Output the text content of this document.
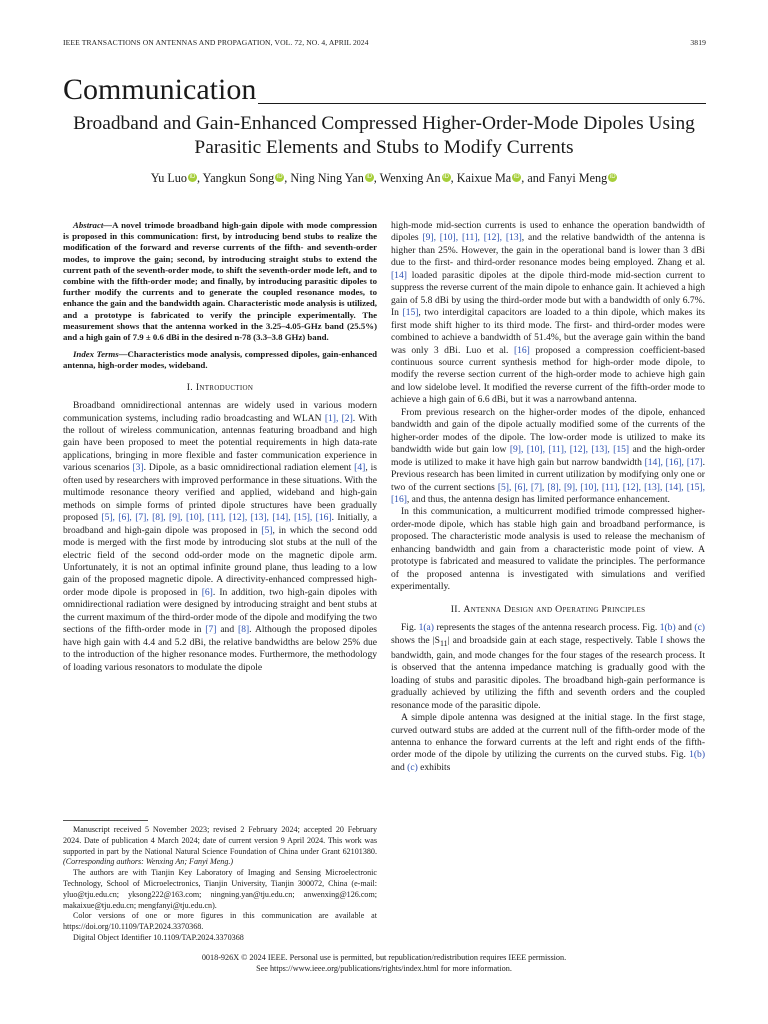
IEEE TRANSACTIONS ON ANTENNAS AND PROPAGATION, VOL. 72, NO. 4, APRIL 2024	3819
Communication
Broadband and Gain-Enhanced Compressed Higher-Order-Mode Dipoles Using Parasitic Elements and Stubs to Modify Currents
Yu Luo iD , Yangkun Song iD , Ning Ning Yan iD , Wenxing An iD , Kaixue Ma iD , and Fanyi Meng iD

Abstract—A novel trimode broadband high-gain dipole with mode compression is proposed in this communication: first, by introducing bend stubs to realize the modification of the forward and reverse currents of the fifth- and seventh-order modes, to improve the gain; second, by introducing straight stubs to extend the current path of the seventh-order mode, to shift the seventh-order mode left, and to combine with the fifth-order mode; and finally, by introducing parasitic dipoles to further modify the currents and to generate the coupled resonance modes, to enhance the gain and the bandwidth again. Characteristic mode analysis is utilized, and a prototype is fabricated to verify the principle experimentally. The measurement shows that the antenna worked in the 3.25–4.05-GHz band (25.5%) and a high gain of 7.9 ± 0.6 dBi in the desired n-78 (3.3–3.8 GHz) band.

Index Terms—Characteristics mode analysis, compressed dipoles, gain-enhanced antenna, high-order modes, wideband.

I. Introduction

Broadband omnidirectional antennas are widely used in various modern communication systems, including radio broadcasting and WLAN [1], [2]. With the rollout of wireless communication, antennas featuring broadband and high gain have been proposed to meet the potential requirements in high data-rate applications, bringing in more flexible and faster communication experience in various scenarios [3]. Dipole, as a basic omnidirectional radiation element [4], is often used by researchers with improved performance in these situations. With the multimode resonance theory verified and applied, wideband and high-gain methods on simple forms of printed dipole structures have been gradually proposed [5], [6], [7], [8], [9], [10], [11], [12], [13], [14], [15], [16]. Initially, a broadband and high-gain dipole was proposed in [5], in which the second odd mode is merged with the first mode by introducing slot stubs at the null of the electric field of the second odd-order mode on the magnetic dipole arm. Unfortunately, it is not an optimal infinite ground plane, thus leading to a low gain of the proposed magnetic dipole. A directivity-enhanced compressed high-order mode dipole is proposed in [6]. In addition, two high-gain dipoles with omnidirectional radiation were designed by introducing straight and bent stubs at the current maximum of the third-order mode of the dipole and modifying the two sections of the fifth-order mode in [7] and [8]. Although the proposed dipoles have high gain with 4.4 and 5.2 dBi, the relative bandwidths are below 25% due to the introduction of the higher resonance modes. Furthermore, the methodology of loading various resonators to modulate the dipole

Manuscript received 5 November 2023; revised 2 February 2024; accepted 20 February 2024. Date of publication 4 March 2024; date of current version 9 April 2024. This work was supported in part by the National Natural Science Foundation of China under Grant 62101380. (Corresponding authors: Wenxing An; Fanyi Meng.)

The authors are with Tianjin Key Laboratory of Imaging and Sensing Microelectronic Technology, School of Microelectronics, Tianjin University, Tianjin 300072, China (e-mail: yluo@tju.edu.cn; yksong222@163.com; ningning.yan@tju.edu.cn; anwenxing@126.com; makaixue@tju.edu.cn; mengfanyi@tju.edu.cn).

Color versions of one or more figures in this communication are available at https://doi.org/10.1109/TAP.2024.3370368.

Digital Object Identifier 10.1109/TAP.2024.3370368

high-mode mid-section currents is used to enhance the operation bandwidth of dipoles [9], [10], [11], [12], [13], and the relative bandwidth of the antenna is higher than 25%. However, the gain in the operational band is lower than 3 dBi due to the first- and third-order resonance modes being employed. Zhang et al. [14] loaded parasitic dipoles at the dipole third-mode mid-section current to suppress the reverse current of the main dipole to enhance gain. It achieved a high gain of 5.8 dBi by using the third-order mode but with a bandwidth of only 6.7%. In [15], two interdigital capacitors are loaded to a thin dipole, which makes its first mode shift higher to its third mode. The first- and third-order modes were combined to achieve a bandwidth of 51.4%, but the average gain within the band was only 3 dBi. Luo et al. [16] proposed a compression coefficient-based continuous source current synthesis method for high-order mode dipole, to modify the reverse section current of the high-order mode to achieve high gain and low sidelobe level. It modified the reverse current of the fifth-order mode to achieve a high gain of 6.6 dBi, but it was a narrowband antenna.

From previous research on the higher-order modes of the dipole, enhanced bandwidth and gain of the dipole actually modified some of the currents of the higher-order modes of the dipole. The low-order mode is utilized to make its bandwidth wide but gain low [9], [10], [11], [12], [13], [15] and the high-order mode is utilized to make it have high gain but narrow bandwidth [14], [16], [17]. Previous research has been limited in current utilization by modifying only one or two of the current sections [5], [6], [7], [8], [9], [10], [11], [12], [13], [14], [15], [16], and thus, the antenna design has limited performance enhancement.

In this communication, a multicurrent modified trimode compressed higher-order-mode dipole, which has stable high gain and broadband performance, is proposed. The characteristic mode analysis is used to release the mechanism of enhancing bandwidth and gain from a characteristic mode point of view. A prototype is fabricated and measured to validate the principles. The performance of the proposed antenna is investigated with simulations and verified experimentally.

II. Antenna Design and Operating Principles

Fig. 1(a) represents the stages of the antenna research process. Fig. 1(b) and (c) shows the $|S_{11}|$ and broadside gain at each stage, respectively. Table I shows the bandwidth, gain, and mode changes for the four stages of the research process. It is observed that the antenna impedance matching is gradually good with the loading of stubs and parasitic dipoles. The broadband high-gain performance is gradually achieved by utilizing the fifth and seventh orders and the coupled resonance mode of the parasitic dipole.

A simple dipole antenna was designed at the initial stage. In the first stage, curved outward stubs are added at the current null of the fifth-order mode of the antenna to enhance the forward currents at the left and right ends of the fifth-order mode of the dipole by utilizing the currents on the curved stubs. Fig. 1(b) and (c) exhibits

0018-926X © 2024 IEEE. Personal use is permitted, but republication/redistribution requires IEEE permission.
See https://www.ieee.org/publications/rights/index.html for more information.
